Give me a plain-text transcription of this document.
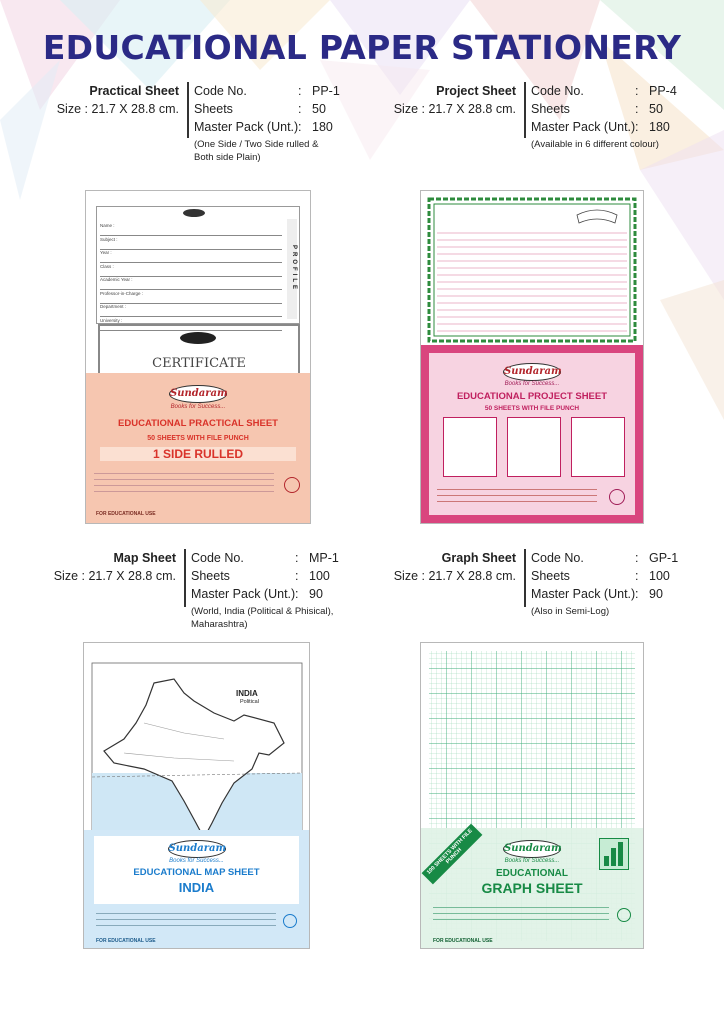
EDUCATIONAL PAPER STATIONERY
Practical Sheet
Size : 21.7 X 28.8 cm.
Code No.	: PP-1
Sheets	: 50
Master Pack (Unt.) : 180
(One Side / Two Side rulled & Both side Plain)
Project Sheet
Size : 21.7 X 28.8 cm.
Code No.	: PP-4
Sheets	: 50
Master Pack (Unt.) : 180
(Available in 6 different colour)
Name :
Subject :
Year :
Class :
Academic Year :
Professor-in-Charge :
Department :
University :
PROFILE
CERTIFICATE
Sundaram
Books for Success...
EDUCATIONAL PRACTICAL SHEET
50 SHEETS WITH FILE PUNCH
1 SIDE RULLED
FOR EDUCATIONAL USE
Sundaram
Books for Success...
EDUCATIONAL PROJECT SHEET
50 SHEETS WITH FILE PUNCH
Map Sheet
Size : 21.7 X 28.8 cm.
Code No.	: MP-1
Sheets	: 100
Master Pack (Unt.) : 90
(World, India (Political & Phisical), Maharashtra)
Graph Sheet
Size : 21.7 X 28.8 cm.
Code No.	: GP-1
Sheets	: 100
Master Pack (Unt.) : 90
(Also in Semi-Log)
INDIA
Political
Sundaram
Books for Success...
EDUCATIONAL MAP SHEET
INDIA
FOR EDUCATIONAL USE
100 SHEETS WITH FILE PUNCH	Sundaram
Books for Success...
EDUCATIONAL
GRAPH SHEET
FOR EDUCATIONAL USE
